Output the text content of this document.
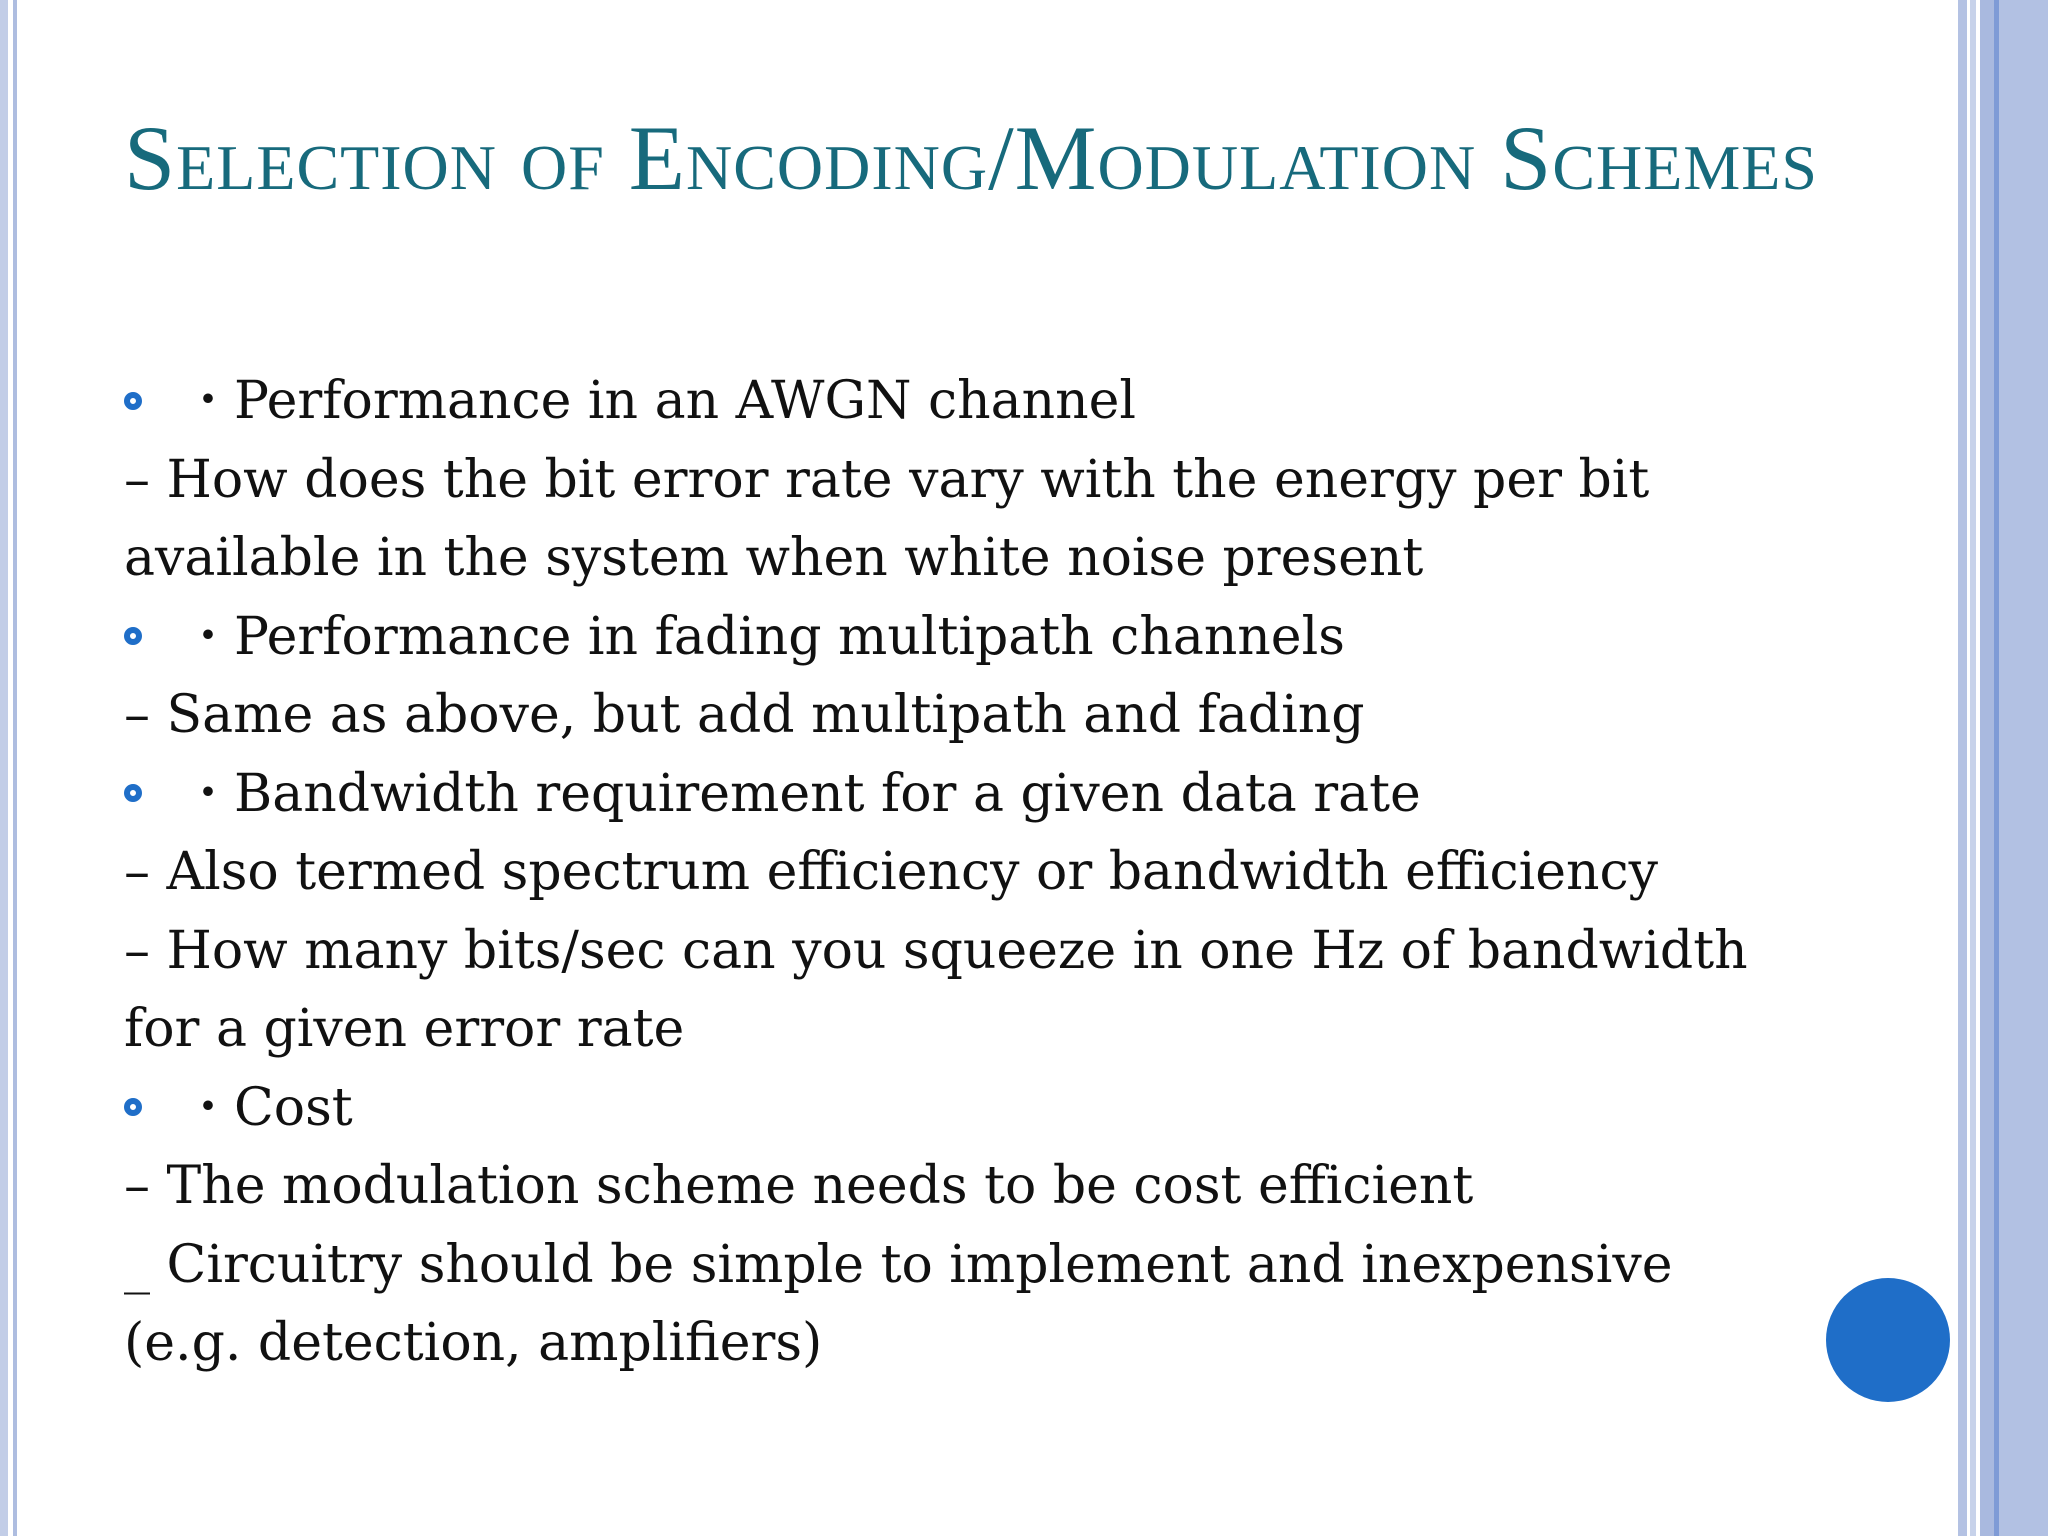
Selection of Encoding/Modulation Schemes
・Performance in an AWGN channel
– How does the bit error rate vary with the energy per bit
available in the system when white noise present
・Performance in fading multipath channels
– Same as above, but add multipath and fading
・Bandwidth requirement for a given data rate
– Also termed spectrum efficiency or bandwidth efficiency
– How many bits/sec can you squeeze in one Hz of bandwidth
for a given error rate
・Cost
– The modulation scheme needs to be cost efficient
_ Circuitry should be simple to implement and inexpensive
(e.g. detection, amplifiers)
